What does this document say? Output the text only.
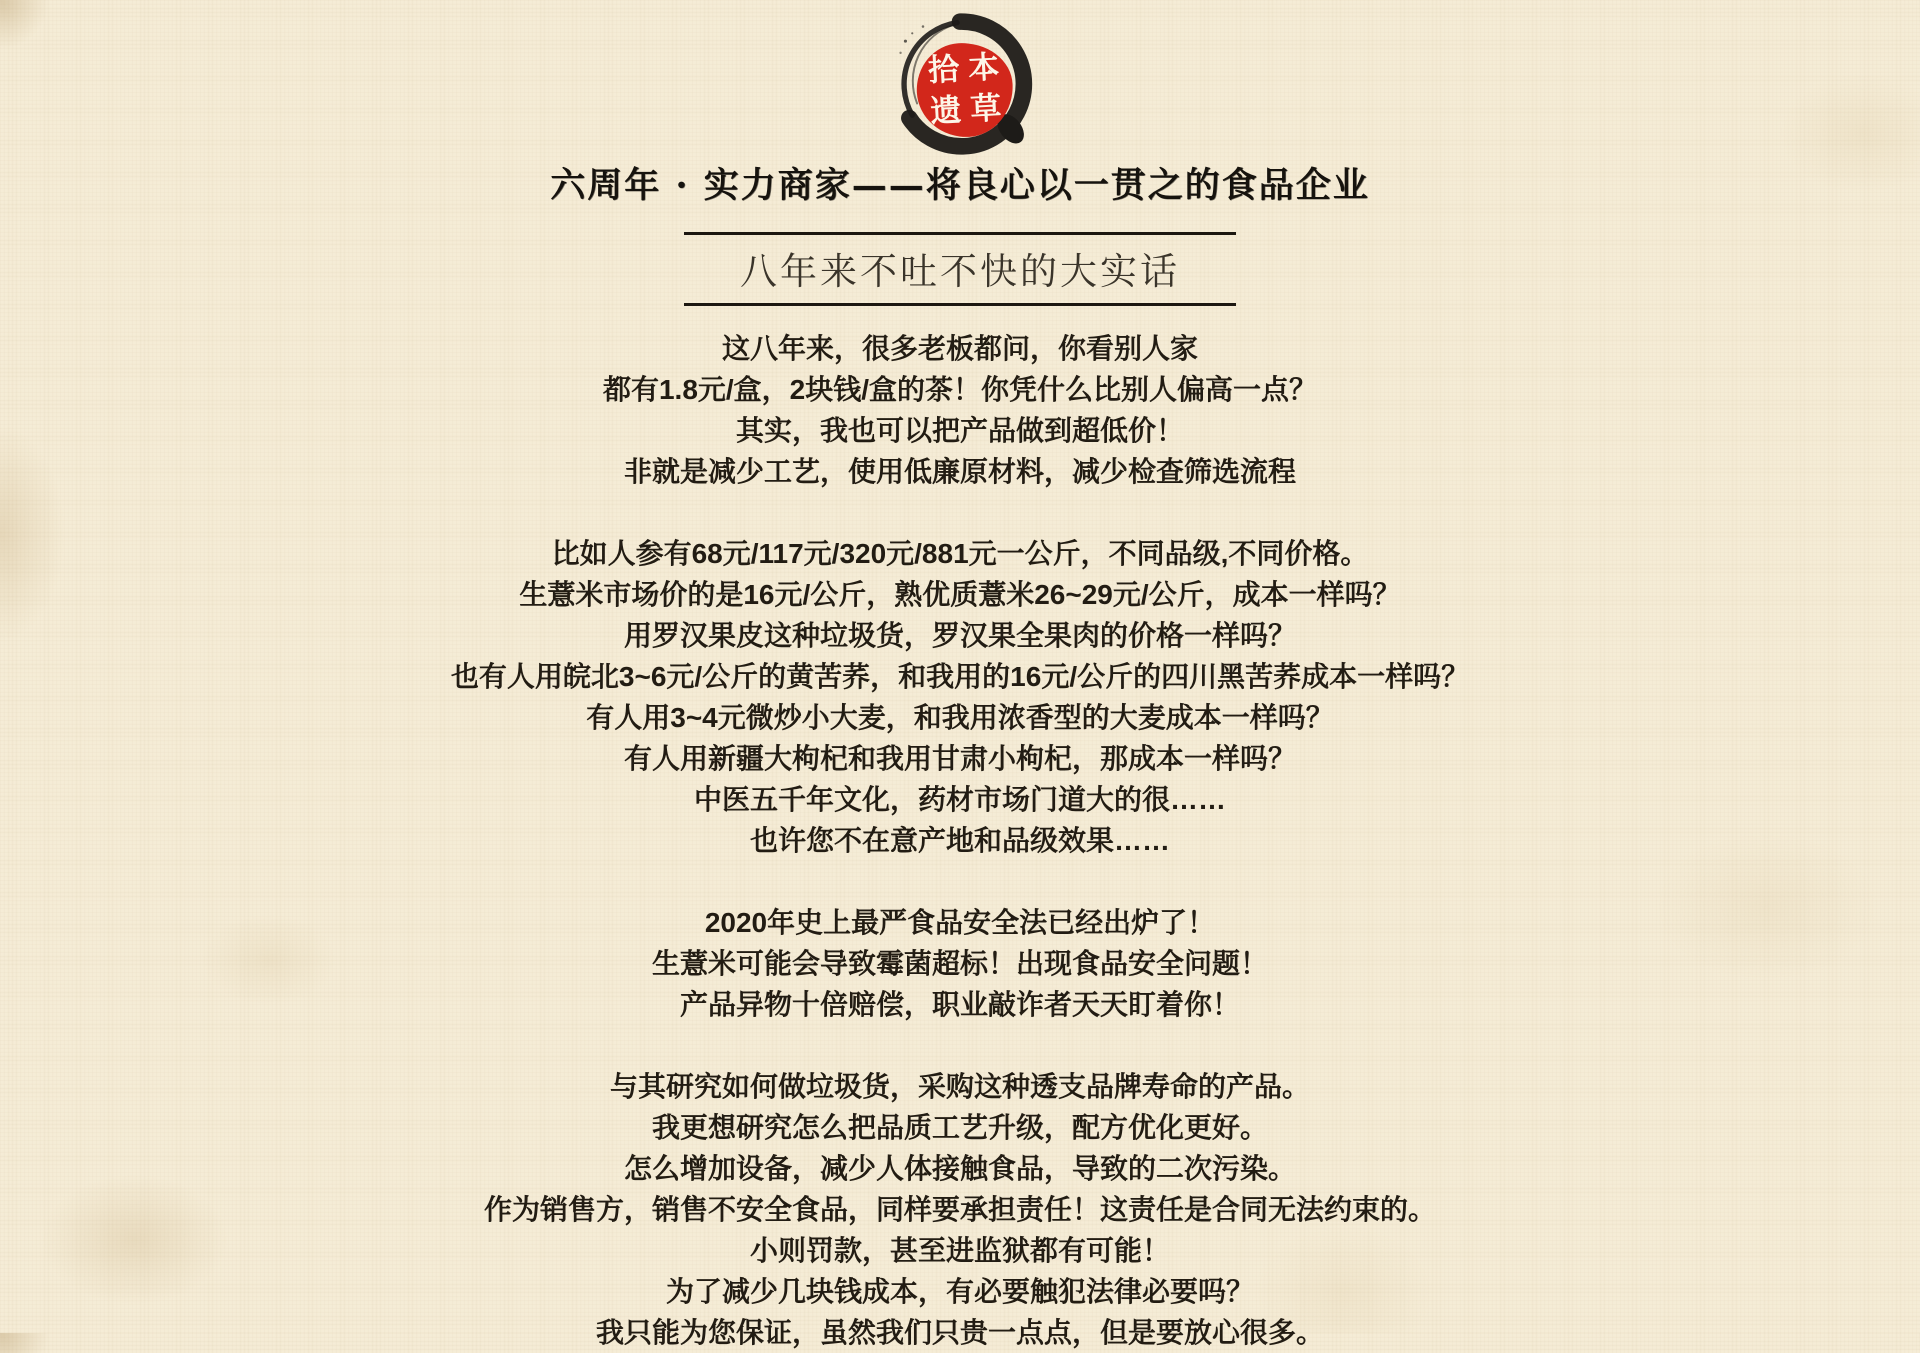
拾 本
遗 草
六周年 · 实力商家——将良心以一贯之的食品企业
八年来不吐不快的大实话
这八年来，很多老板都问，你看别人家
都有1.8元/盒，2块钱/盒的茶！你凭什么比别人偏高一点？
其实，我也可以把产品做到超低价！
非就是减少工艺，使用低廉原材料，减少检查筛选流程
比如人参有68元/117元/320元/881元一公斤，不同品级,不同价格。
生薏米市场价的是16元/公斤，熟优质薏米26~29元/公斤，成本一样吗？
用罗汉果皮这种垃圾货，罗汉果全果肉的价格一样吗？
也有人用皖北3~6元/公斤的黄苦荞，和我用的16元/公斤的四川黑苦荞成本一样吗？
有人用3~4元微炒小大麦，和我用浓香型的大麦成本一样吗？
有人用新疆大枸杞和我用甘肃小枸杞，那成本一样吗？
中医五千年文化，药材市场门道大的很……
也许您不在意产地和品级效果……
2020年史上最严食品安全法已经出炉了！
生薏米可能会导致霉菌超标！出现食品安全问题！
产品异物十倍赔偿，职业敲诈者天天盯着你！
与其研究如何做垃圾货，采购这种透支品牌寿命的产品。
我更想研究怎么把品质工艺升级，配方优化更好。
怎么增加设备，减少人体接触食品，导致的二次污染。
作为销售方，销售不安全食品，同样要承担责任！这责任是合同无法约束的。
小则罚款，甚至进监狱都有可能！
为了减少几块钱成本，有必要触犯法律必要吗？
我只能为您保证，虽然我们只贵一点点，但是要放心很多。
